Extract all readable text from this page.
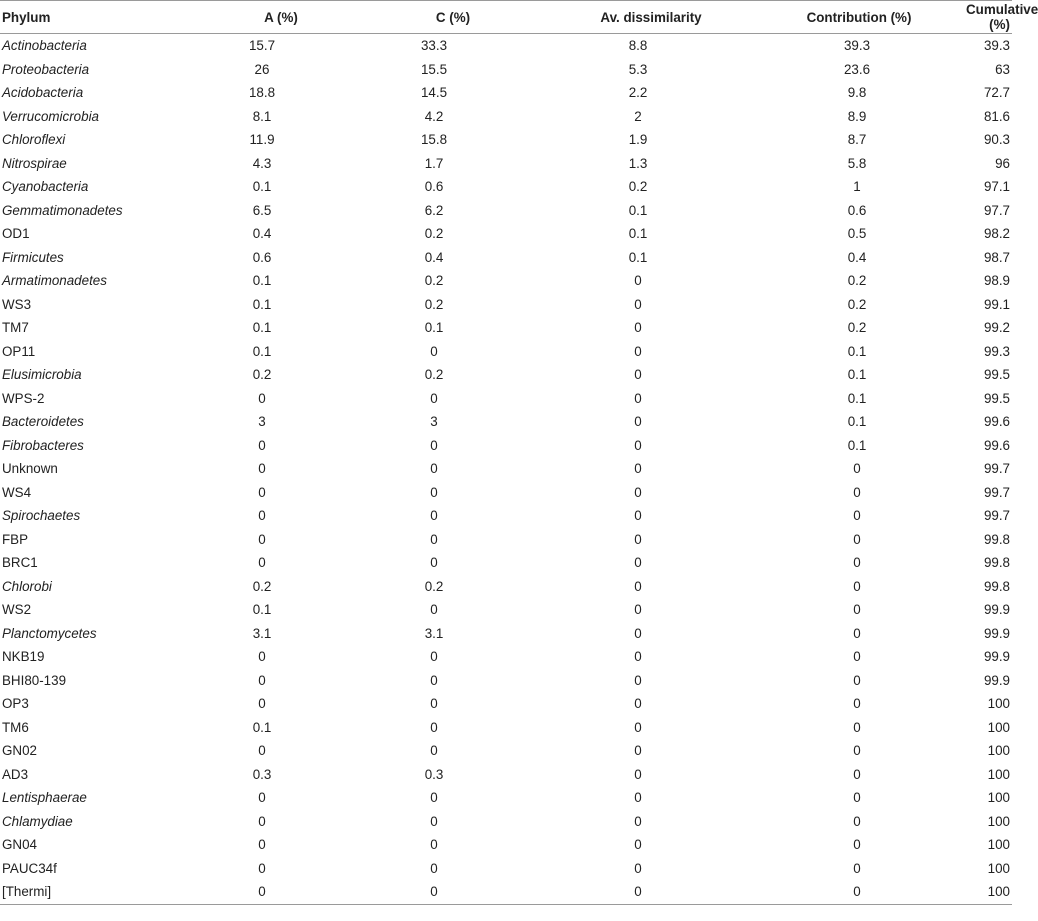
Phylum	A (%)	C (%)	Av. dissimilarity	Contribution (%)	Cumulative (%)
Actinobacteria	15.7	33.3	8.8	39.3	39.3
Proteobacteria	26	15.5	5.3	23.6	63
Acidobacteria	18.8	14.5	2.2	9.8	72.7
Verrucomicrobia	8.1	4.2	2	8.9	81.6
Chloroflexi	11.9	15.8	1.9	8.7	90.3
Nitrospirae	4.3	1.7	1.3	5.8	96
Cyanobacteria	0.1	0.6	0.2	1	97.1
Gemmatimonadetes	6.5	6.2	0.1	0.6	97.7
OD1	0.4	0.2	0.1	0.5	98.2
Firmicutes	0.6	0.4	0.1	0.4	98.7
Armatimonadetes	0.1	0.2	0	0.2	98.9
WS3	0.1	0.2	0	0.2	99.1
TM7	0.1	0.1	0	0.2	99.2
OP11	0.1	0	0	0.1	99.3
Elusimicrobia	0.2	0.2	0	0.1	99.5
WPS-2	0	0	0	0.1	99.5
Bacteroidetes	3	3	0	0.1	99.6
Fibrobacteres	0	0	0	0.1	99.6
Unknown	0	0	0	0	99.7
WS4	0	0	0	0	99.7
Spirochaetes	0	0	0	0	99.7
FBP	0	0	0	0	99.8
BRC1	0	0	0	0	99.8
Chlorobi	0.2	0.2	0	0	99.8
WS2	0.1	0	0	0	99.9
Planctomycetes	3.1	3.1	0	0	99.9
NKB19	0	0	0	0	99.9
BHI80-139	0	0	0	0	99.9
OP3	0	0	0	0	100
TM6	0.1	0	0	0	100
GN02	0	0	0	0	100
AD3	0.3	0.3	0	0	100
Lentisphaerae	0	0	0	0	100
Chlamydiae	0	0	0	0	100
GN04	0	0	0	0	100
PAUC34f	0	0	0	0	100
[Thermi]	0	0	0	0	100
